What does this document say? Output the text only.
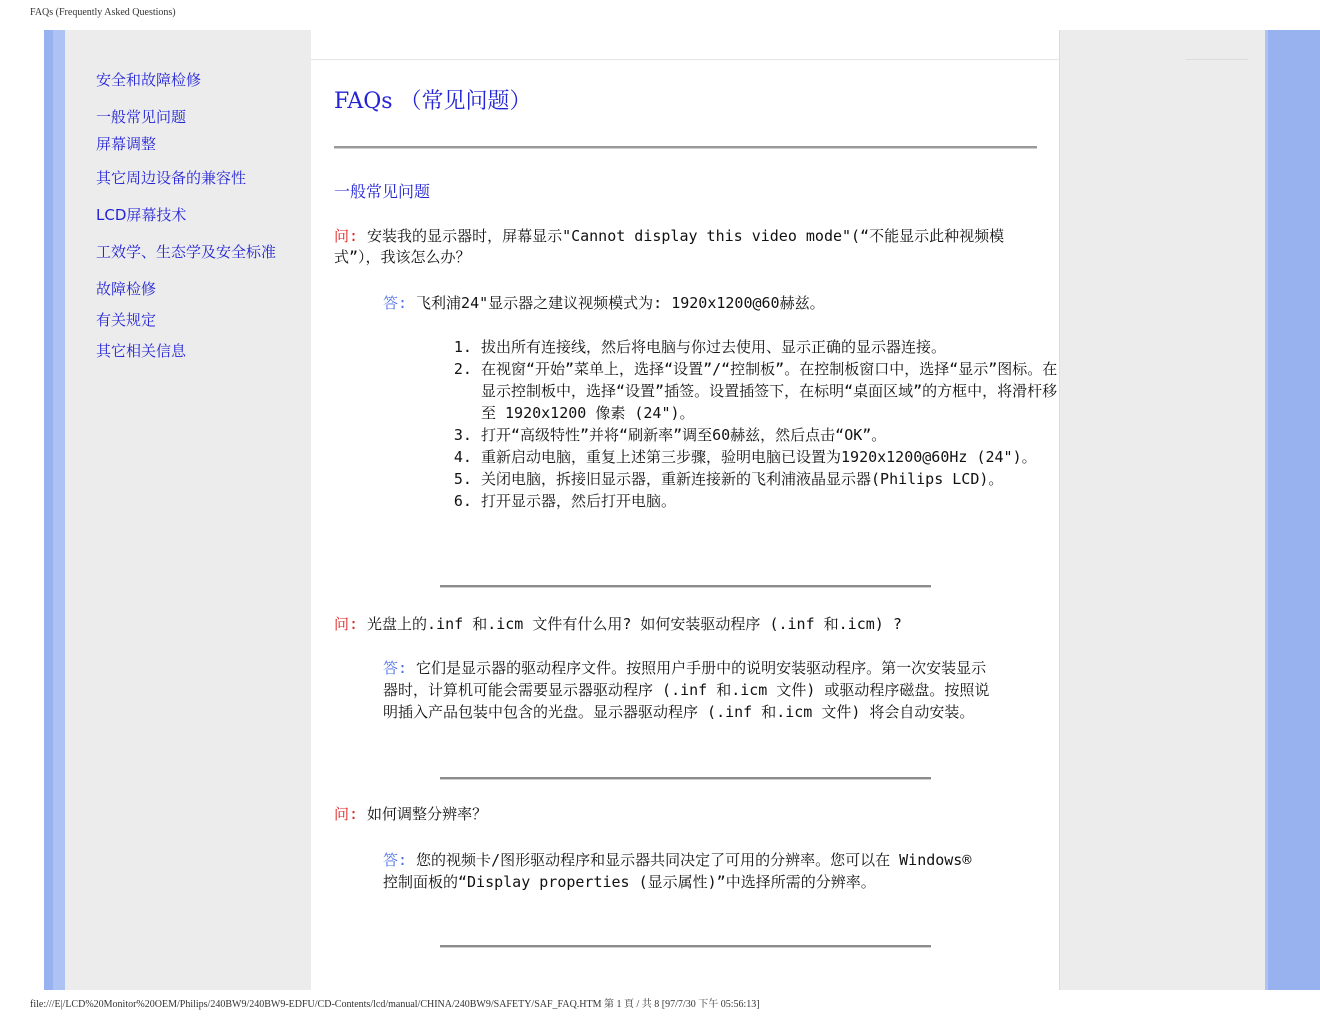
FAQs (Frequently Asked Questions)
安全和故障检修
一般常见问题
屏幕调整
其它周边设备的兼容性
LCD屏幕技术
工效学、生态学及安全标准
故障检修
有关规定
其它相关信息
FAQs （常见问题）
一般常见问题
问: 安装我的显示器时，屏幕显示"Cannot display this video mode"(“不能显示此种视频模式”），我该怎么办？
答: 飞利浦24"显示器之建议视频模式为: 1920x1200@60赫兹。
1. 拔出所有连接线，然后将电脑与你过去使用、显示正确的显示器连接。
2. 在视窗“开始”菜单上，选择“设置”/“控制板”。在控制板窗口中，选择“显示”图标。在显示控制板中，选择“设置”插签。设置插签下，在标明“桌面区域”的方框中，将滑杆移至 1920x1200 像素 (24")。
3. 打开“高级特性”并将“刷新率”调至60赫兹，然后点击“OK”。
4. 重新启动电脑，重复上述第三步骤，验明电脑已设置为1920x1200@60Hz (24")。
5. 关闭电脑，拆接旧显示器，重新连接新的飞利浦液晶显示器(Philips LCD)。
6. 打开显示器，然后打开电脑。
问: 光盘上的.inf 和.icm 文件有什么用? 如何安装驱动程序 (.inf 和.icm) ?
答: 它们是显示器的驱动程序文件。按照用户手册中的说明安装驱动程序。第一次安装显示器时，计算机可能会需要显示器驱动程序 (.inf 和.icm 文件) 或驱动程序磁盘。按照说明插入产品包装中包含的光盘。显示器驱动程序 (.inf 和.icm 文件) 将会自动安装。
问: 如何调整分辨率？
答: 您的视频卡/图形驱动程序和显示器共同决定了可用的分辨率。您可以在 Windows® 控制面板的“Display properties (显示属性)”中选择所需的分辨率。
file:///E|/LCD%20Monitor%20OEM/Philips/240BW9/240BW9-EDFU/CD-Contents/lcd/manual/CHINA/240BW9/SAFETY/SAF_FAQ.HTM 第 1 頁 / 共 8 [97/7/30 下午 05:56:13]
